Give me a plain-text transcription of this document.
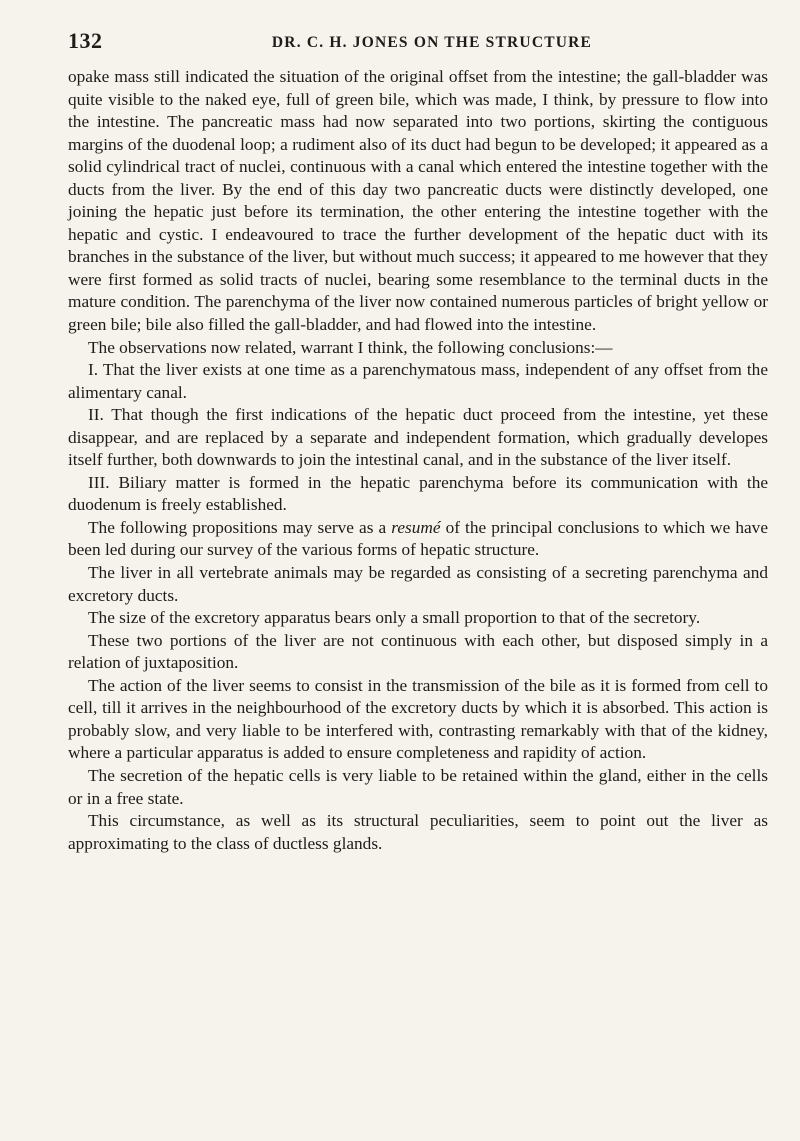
132	DR. C. H. JONES ON THE STRUCTURE

opake mass still indicated the situation of the original offset from the intestine; the gall-bladder was quite visible to the naked eye, full of green bile, which was made, I think, by pressure to flow into the intestine. The pancreatic mass had now separated into two portions, skirting the contiguous margins of the duodenal loop; a rudiment also of its duct had begun to be developed; it appeared as a solid cylindrical tract of nuclei, continuous with a canal which entered the intestine together with the ducts from the liver. By the end of this day two pancreatic ducts were distinctly developed, one joining the hepatic just before its termination, the other entering the intestine together with the hepatic and cystic. I endeavoured to trace the further development of the hepatic duct with its branches in the substance of the liver, but without much success; it appeared to me however that they were first formed as solid tracts of nuclei, bearing some resemblance to the terminal ducts in the mature condition. The parenchyma of the liver now contained numerous particles of bright yellow or green bile; bile also filled the gall-bladder, and had flowed into the intestine.

The observations now related, warrant I think, the following conclusions:—

I. That the liver exists at one time as a parenchymatous mass, independent of any offset from the alimentary canal.

II. That though the first indications of the hepatic duct proceed from the intestine, yet these disappear, and are replaced by a separate and independent formation, which gradually developes itself further, both downwards to join the intestinal canal, and in the substance of the liver itself.

III. Biliary matter is formed in the hepatic parenchyma before its communication with the duodenum is freely established.

The following propositions may serve as a resumé of the principal conclusions to which we have been led during our survey of the various forms of hepatic structure.

The liver in all vertebrate animals may be regarded as consisting of a secreting parenchyma and excretory ducts.

The size of the excretory apparatus bears only a small proportion to that of the secretory.

These two portions of the liver are not continuous with each other, but disposed simply in a relation of juxtaposition.

The action of the liver seems to consist in the transmission of the bile as it is formed from cell to cell, till it arrives in the neighbourhood of the excretory ducts by which it is absorbed. This action is probably slow, and very liable to be interfered with, contrasting remarkably with that of the kidney, where a particular apparatus is added to ensure completeness and rapidity of action.

The secretion of the hepatic cells is very liable to be retained within the gland, either in the cells or in a free state.

This circumstance, as well as its structural peculiarities, seem to point out the liver as approximating to the class of ductless glands.
